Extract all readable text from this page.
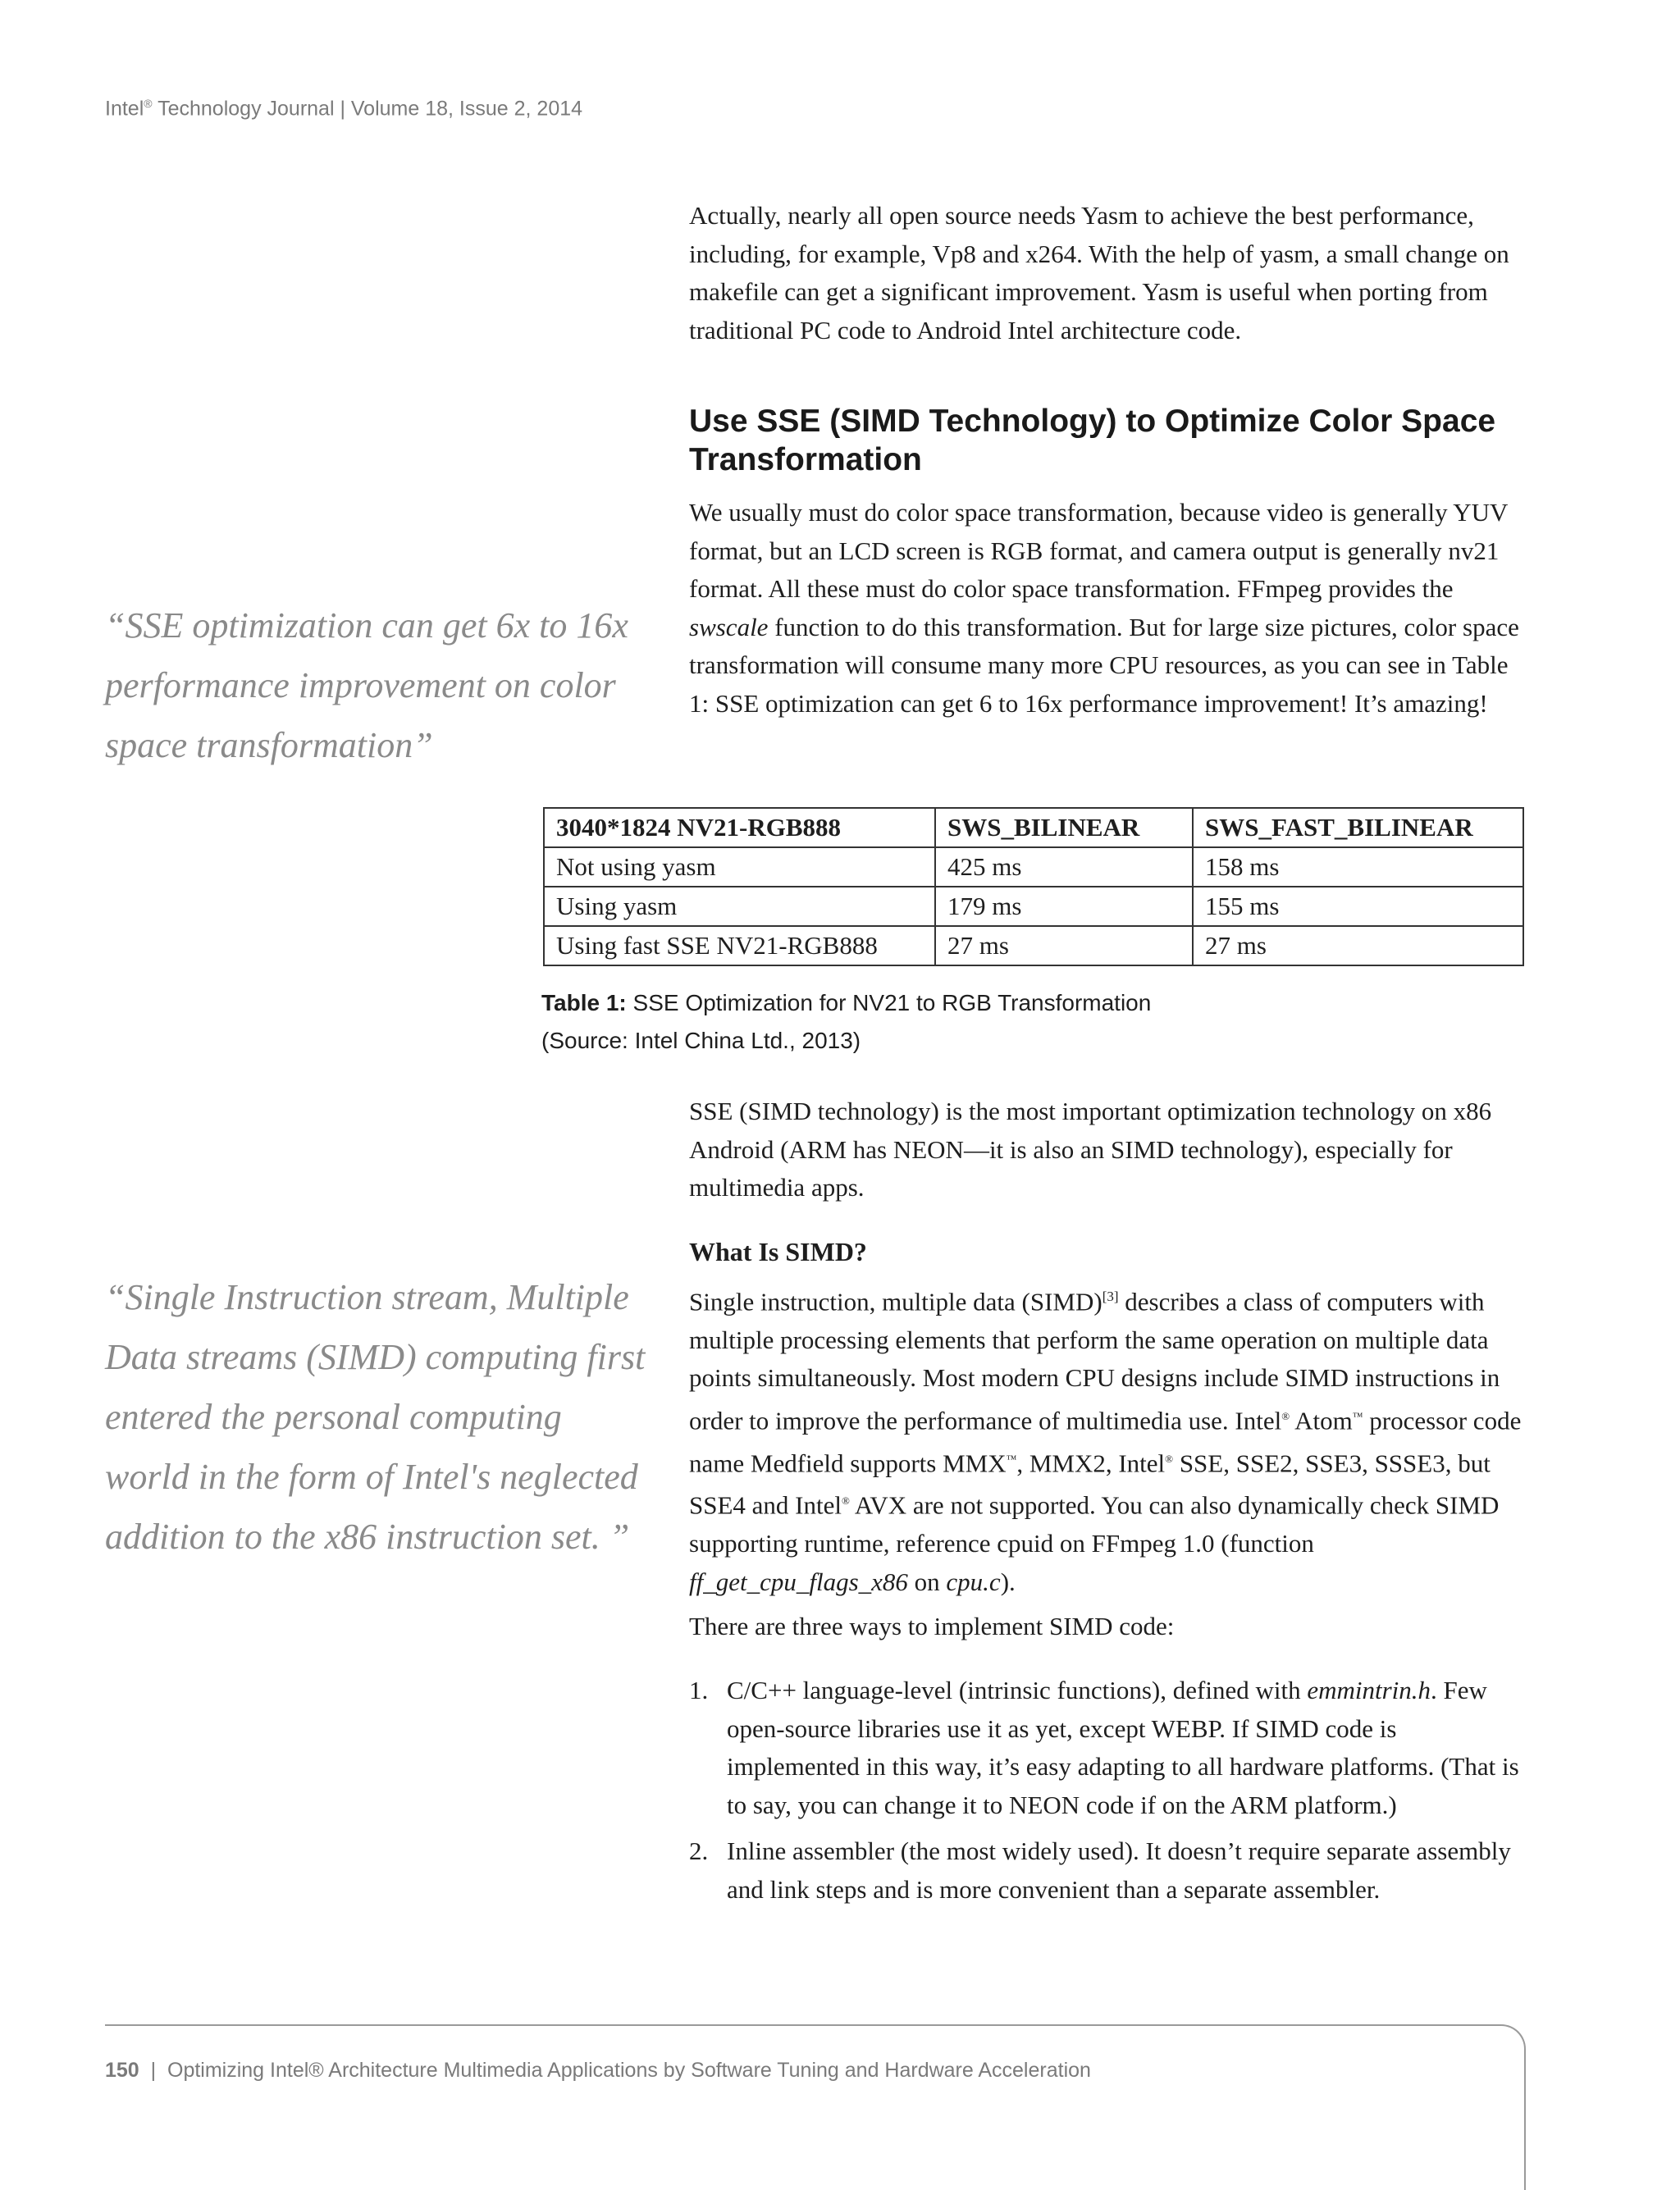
Intel® Technology Journal | Volume 18, Issue 2, 2014

Actually, nearly all open source needs Yasm to achieve the best performance, including, for example, Vp8 and x264. With the help of yasm, a small change on makefile can get a significant improvement. Yasm is useful when porting from traditional PC code to Android Intel architecture code.

Use SSE (SIMD Technology) to Optimize Color Space Transformation

We usually must do color space transformation, because video is generally YUV format, but an LCD screen is RGB format, and camera output is generally nv21 format. All these must do color space transformation. FFmpeg provides the swscale function to do this transformation. But for large size pictures, color space transformation will consume many more CPU resources, as you can see in Table 1: SSE optimization can get 6 to 16x performance improvement! It’s amazing!

“SSE optimization can get 6x to 16x performance improvement on color space transformation”

3040*1824 NV21-RGB888	SWS_BILINEAR	SWS_FAST_BILINEAR
Not using yasm	425 ms	158 ms
Using yasm	179 ms	155 ms
Using fast SSE NV21-RGB888	27 ms	27 ms
Table 1: SSE Optimization for NV21 to RGB Transformation
(Source: Intel China Ltd., 2013)

SSE (SIMD technology) is the most important optimization technology on x86 Android (ARM has NEON—it is also an SIMD technology), especially for multimedia apps.

What Is SIMD?

Single instruction, multiple data (SIMD)[3] describes a class of computers with multiple processing elements that perform the same operation on multiple data points simultaneously. Most modern CPU designs include SIMD instructions in order to improve the performance of multimedia use. Intel® Atom™ processor code name Medfield supports MMX™, MMX2, Intel® SSE, SSE2, SSE3, SSSE3, but SSE4 and Intel® AVX are not supported. You can also dynamically check SIMD supporting runtime, reference cpuid on FFmpeg 1.0 (function ff_get_cpu_flags_x86 on cpu.c).

“Single Instruction stream, Multiple Data streams (SIMD) computing first entered the personal computing world in the form of Intel's neglected addition to the x86 instruction set. ”

There are three ways to implement SIMD code:

1. C/C++ language-level (intrinsic functions), defined with emmintrin.h. Few open-source libraries use it as yet, except WEBP. If SIMD code is implemented in this way, it’s easy adapting to all hardware platforms. (That is to say, you can change it to NEON code if on the ARM platform.)
2. Inline assembler (the most widely used). It doesn’t require separate assembly and link steps and is more convenient than a separate assembler.
150  |  Optimizing Intel® Architecture Multimedia Applications by Software Tuning and Hardware Acceleration
